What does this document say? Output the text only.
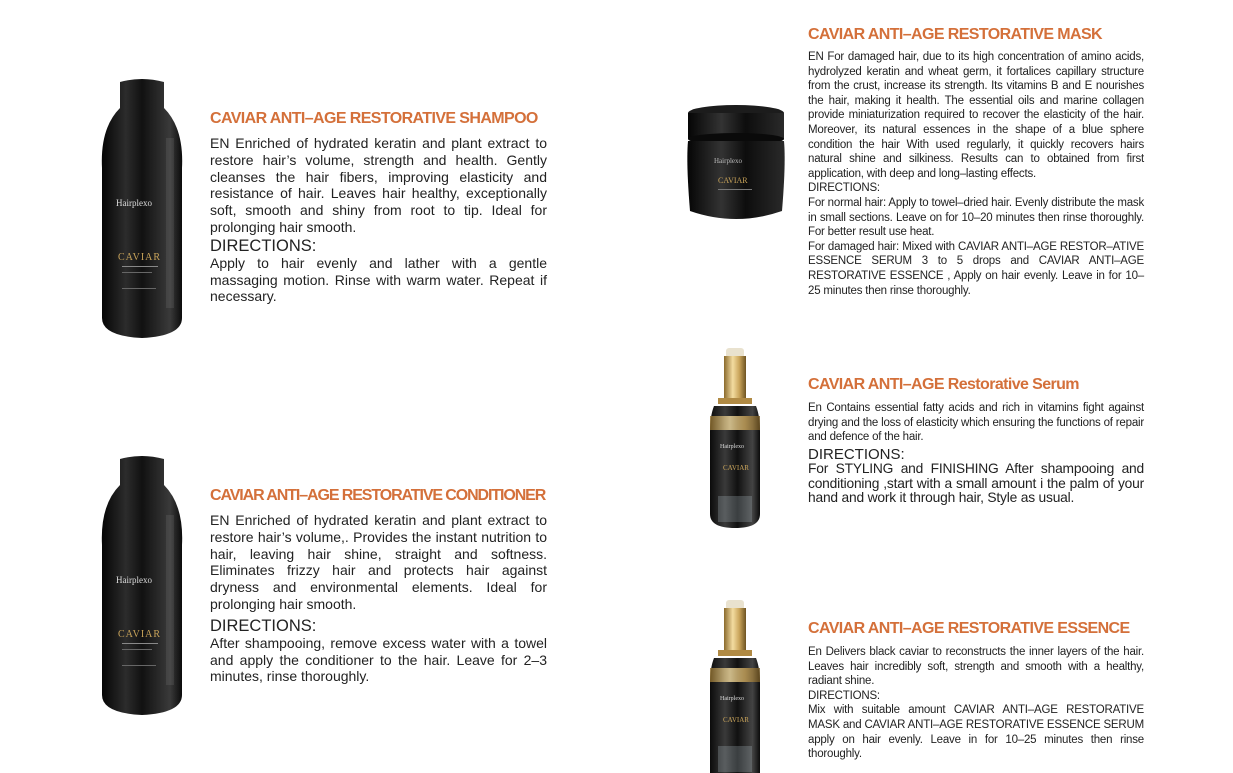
Hairplexo
CAVIAR
CAVIAR ANTI–AGE RESTORATIVE SHAMPOO

EN Enriched of hydrated keratin and plant extract to restore hair’s volume, strength and health. Gently cleanses the hair fibers, improving elasticity and resistance of hair. Leaves hair healthy, exceptionally soft, smooth and shiny from root to tip. Ideal for prolonging hair smooth.

DIRECTIONS:

Apply to hair evenly and lather with a gentle massaging motion. Rinse with warm water. Repeat if necessary.

Hairplexo
CAVIAR
CAVIAR ANTI–AGE RESTORATIVE CONDITIONER

EN Enriched of hydrated keratin and plant extract to restore hair’s volume,. Provides the instant nutrition to hair, leaving hair shine, straight and softness. Eliminates frizzy hair and protects hair against dryness and environmental elements. Ideal for prolonging hair smooth.

DIRECTIONS:

After shampooing, remove excess water with a towel and apply the conditioner to the hair. Leave for 2–3 minutes, rinse thoroughly.

Hairplexo
CAVIAR
CAVIAR ANTI–AGE RESTORATIVE MASK

EN For damaged hair, due to its high concentration of amino acids, hydrolyzed keratin and wheat germ, it fortalices capillary structure from the crust, increase its strength. Its vitamins B and E nourishes the hair, making it health. The essential oils and marine collagen provide miniaturization required to recover the elasticity of the hair. Moreover, its natural essences in the shape of a blue sphere condition the hair With used regularly, it quickly recovers hairs natural shine and silkiness. Results can to obtained from first application, with deep and long–lasting effects.

DIRECTIONS:

For normal hair: Apply to towel–dried hair. Evenly distribute the mask in small sections. Leave on for 10–20 minutes then rinse thoroughly. For better result use heat.

For damaged hair: Mixed with CAVIAR ANTI–AGE RESTOR–ATIVE ESSENCE SERUM 3 to 5 drops and CAVIAR ANTI–AGE RESTORATIVE ESSENCE , Apply on hair evenly. Leave in for 10–25 minutes then rinse thoroughly.

Hairplexo
CAVIAR
CAVIAR ANTI–AGE Restorative Serum

En Contains essential fatty acids and rich in vitamins fight against drying and the loss of elasticity which ensuring the functions of repair and defence of the hair.

DIRECTIONS:

For STYLING and FINISHING After shampooing and conditioning ,start with a small amount i the palm of your hand and work it through hair, Style as usual.

Hairplexo
CAVIAR
CAVIAR ANTI–AGE RESTORATIVE ESSENCE

En Delivers black caviar to reconstructs the inner layers of the hair. Leaves hair incredibly soft, strength and smooth with a healthy, radiant shine.

DIRECTIONS:

Mix with suitable amount CAVIAR ANTI–AGE RESTORATIVE MASK and CAVIAR ANTI–AGE RESTORATIVE ESSENCE SERUM apply on hair evenly. Leave in for 10–25 minutes then rinse thoroughly.
